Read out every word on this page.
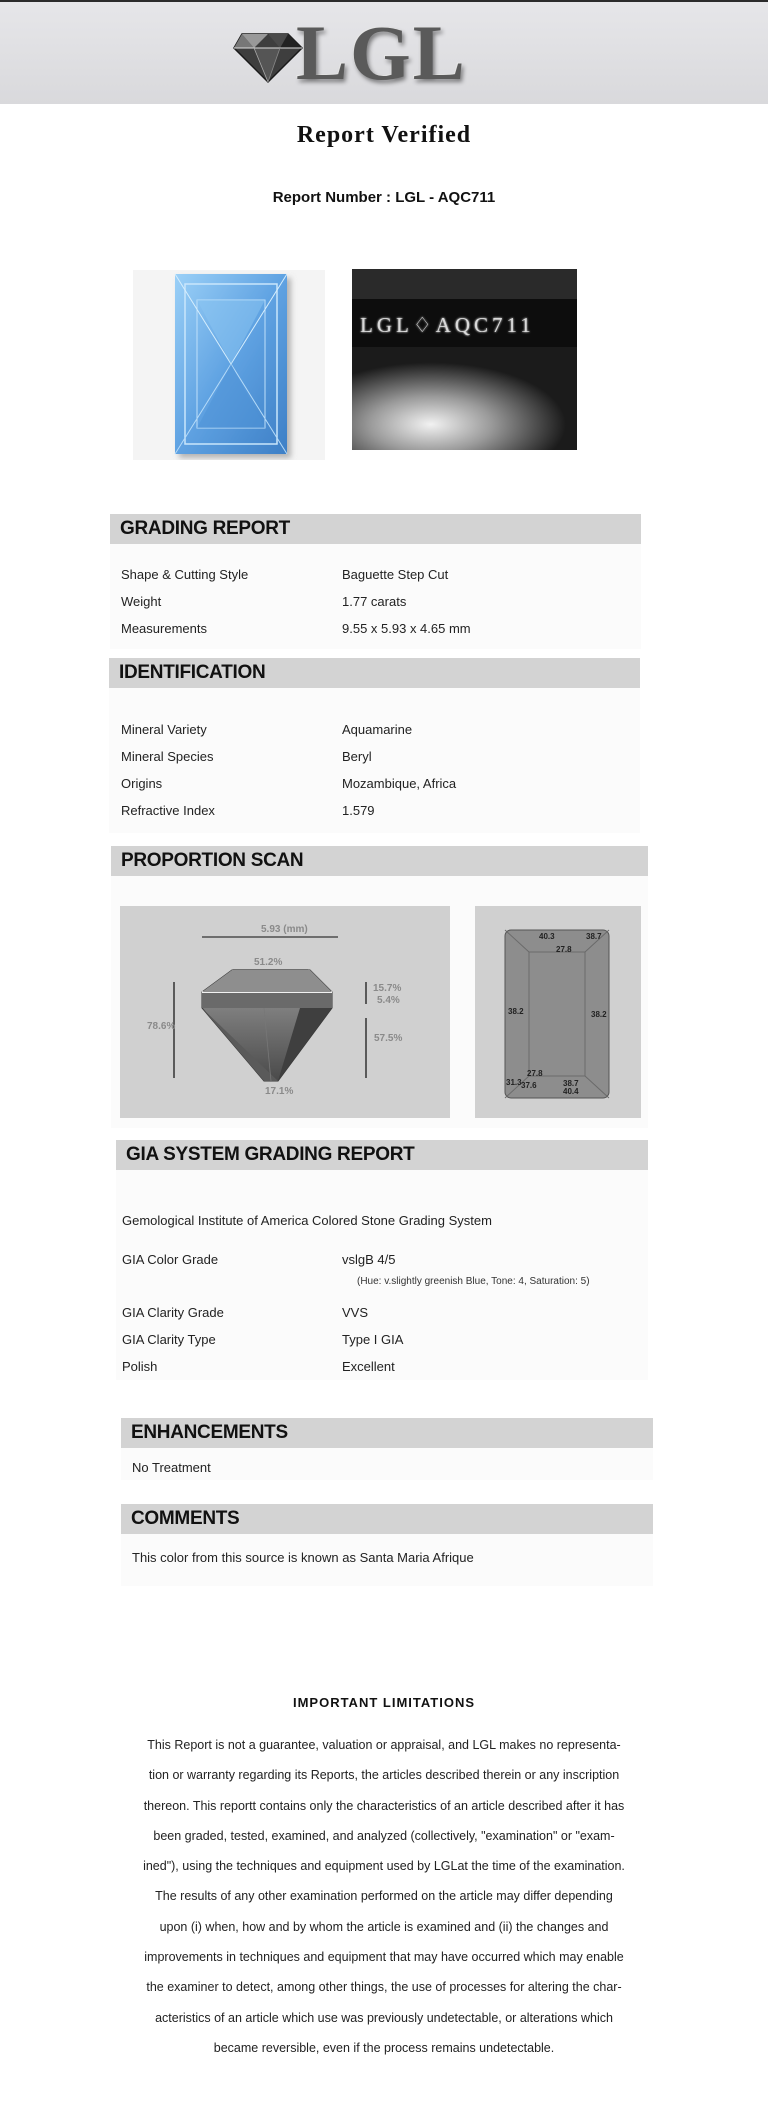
LGL
Report Verified
Report Number : LGL - AQC711
LGL♢AQC711
GRADING REPORT
Shape & Cutting Style	Baguette Step Cut
Weight	1.77 carats
Measurements	9.55 x 5.93 x 4.65 mm
IDENTIFICATION
Mineral Variety	Aquamarine
Mineral Species	Beryl
Origins	Mozambique, Africa
Refractive Index	1.579
PROPORTION SCAN
5.93 (mm)
51.2%
78.6%
15.7%
5.4%
57.5%
17.1%
40.3	38.7
27.8
38.2	38.2
27.8
31.3 37.6	38.7
40.4
GIA SYSTEM GRADING REPORT
Gemological Institute of America Colored Stone Grading System
GIA Color Grade	vslgB 4/5
(Hue: v.slightly greenish Blue, Tone: 4, Saturation: 5)
GIA Clarity Grade	VVS
GIA Clarity Type	Type I GIA
Polish	Excellent
ENHANCEMENTS
No Treatment
COMMENTS
This color from this source is known as Santa Maria Afrique
IMPORTANT LIMITATIONS
This Report is not a guarantee, valuation or appraisal, and LGL makes no representa-
tion or warranty regarding its Reports, the articles described therein or any inscription
thereon. This reportt contains only the characteristics of an article described after it has
been graded, tested, examined, and analyzed (collectively, "examination" or "exam-
ined"), using the techniques and equipment used by LGLat the time of the examination.
The results of any other examination performed on the article may differ depending
upon (i) when, how and by whom the article is examined and (ii) the changes and
improvements in techniques and equipment that may have occurred which may enable
the examiner to detect, among other things, the use of processes for altering the char-
acteristics of an article which use was previously undetectable, or alterations which
became reversible, even if the process remains undetectable.
